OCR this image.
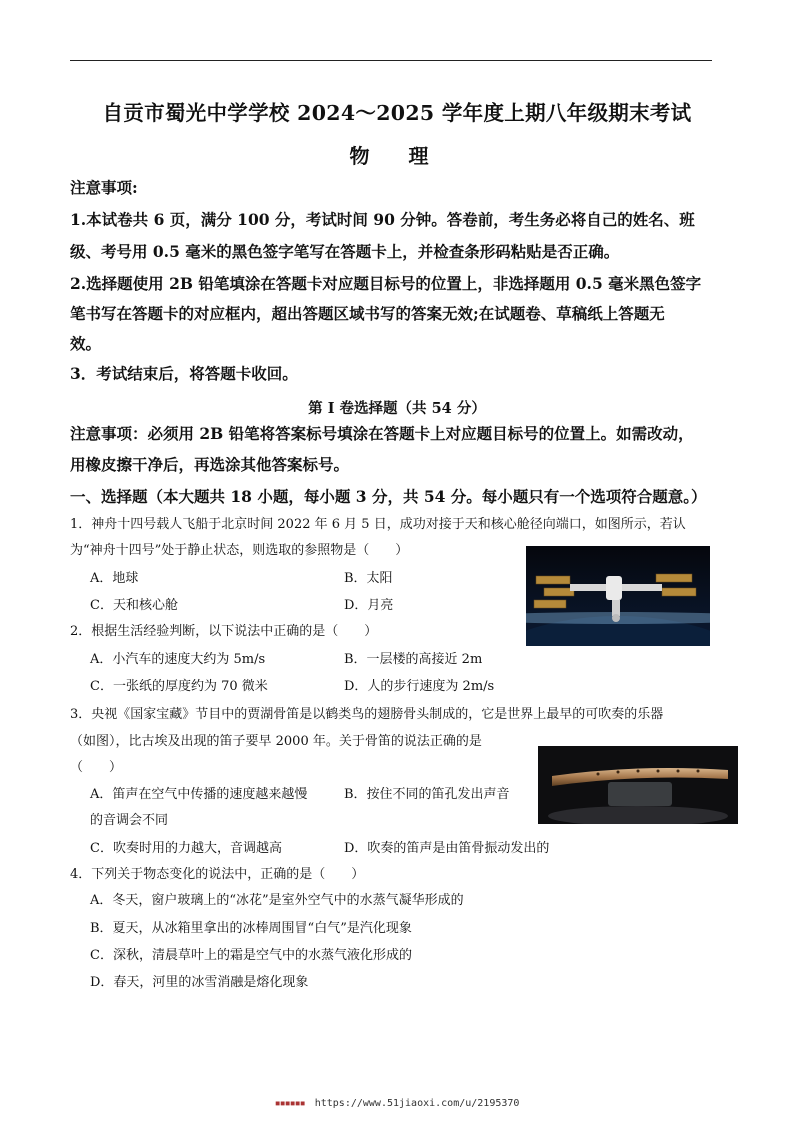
自贡市蜀光中学学校 2024～2025 学年度上期八年级期末考试
物 理
注意事项:
1.本试卷共 6 页，满分 100 分，考试时间 90 分钟。答卷前，考生务必将自己的姓名、班
级、考号用 0.5 毫米的黑色签字笔写在答题卡上，并检查条形码粘贴是否正确。
2.选择题使用 2B 铅笔填涂在答题卡对应题目标号的位置上，非选择题用 0.5 毫米黑色签字
笔书写在答题卡的对应框内，超出答题区域书写的答案无效;在试题卷、草稿纸上答题无
效。
3．考试结束后，将答题卡收回。
第 I 卷选择题（共 54 分）
注意事项：必须用 2B 铅笔将答案标号填涂在答题卡上对应题目标号的位置上。如需改动，
用橡皮擦干净后，再选涂其他答案标号。
一、选择题（本大题共 18 小题，每小题 3 分，共 54 分。每小题只有一个选项符合题意。）
1．神舟十四号载人飞船于北京时间 2022 年 6 月 5 日，成功对接于天和核心舱径向端口，如图所示，若认
为“神舟十四号”处于静止状态，则选取的参照物是（　　）
A．地球	B．太阳
C．天和核心舱	D．月亮
2．根据生活经验判断，以下说法中正确的是（　　）
A．小汽车的速度大约为 5m/s	B．一层楼的高接近 2m
C．一张纸的厚度约为 70 微米	D．人的步行速度为 2m/s
3．央视《国家宝藏》节目中的贾湖骨笛是以鹤类鸟的翅膀骨头制成的，它是世界上最早的可吹奏的乐器
（如图），比古埃及出现的笛子要早 2000 年。关于骨笛的说法正确的是
（　　）
A．笛声在空气中传播的速度越来越慢	B．按住不同的笛孔发出声音
的音调会不同
C．吹奏时用的力越大，音调越高	D．吹奏的笛声是由笛骨振动发出的
4．下列关于物态变化的说法中，正确的是（　　）
A．冬天，窗户玻璃上的“冰花”是室外空气中的水蒸气凝华形成的
B．夏天，从冰箱里拿出的冰棒周围冒“白气”是汽化现象
C．深秋，清晨草叶上的霜是空气中的水蒸气液化形成的
D．春天，河里的冰雪消融是熔化现象
▪▪▪▪▪▪ https://www.51jiaoxi.com/u/2195370
